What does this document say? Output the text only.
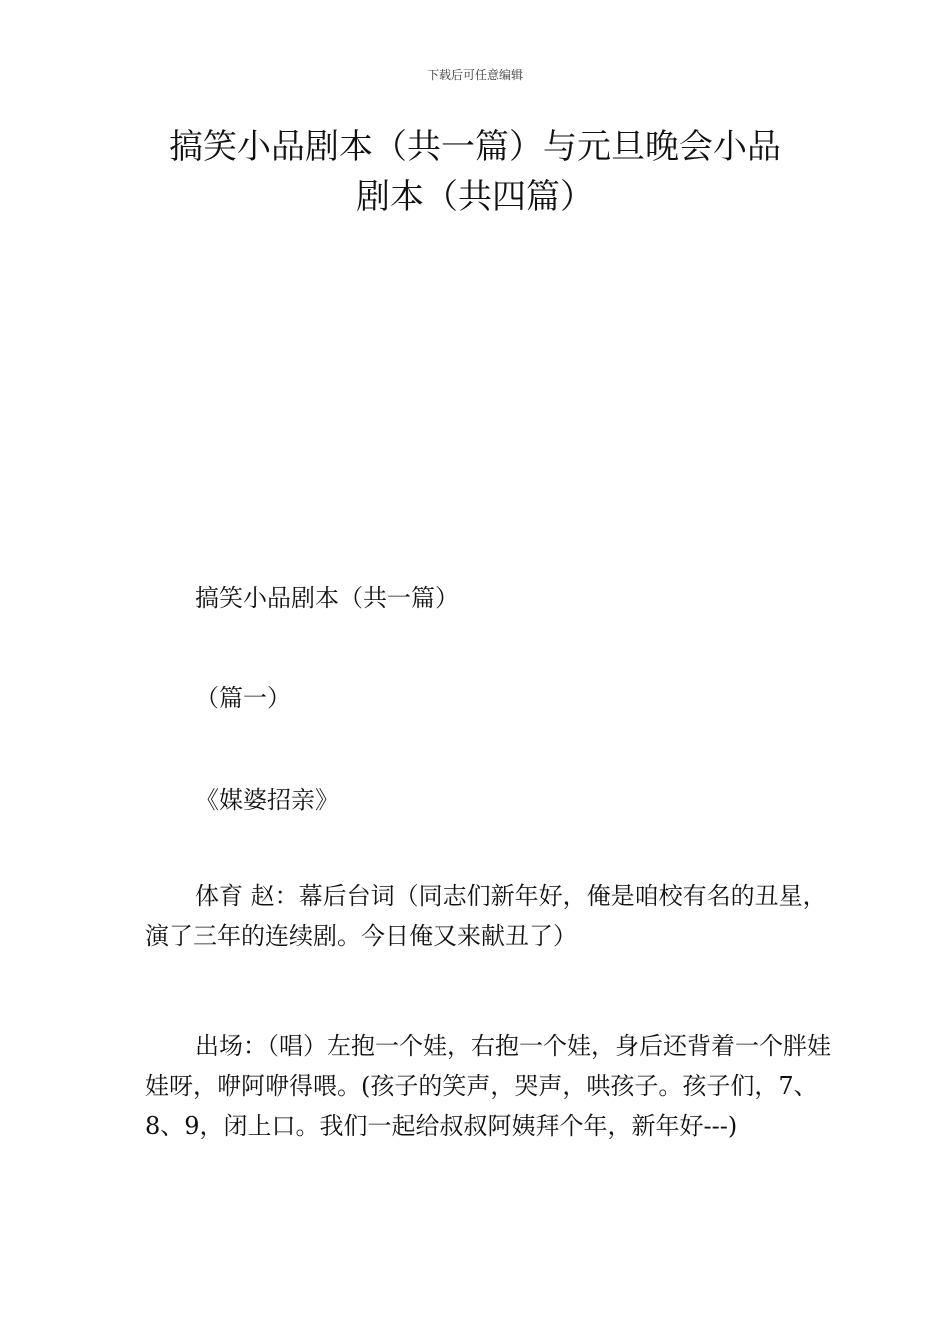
下载后可任意编辑
搞笑小品剧本（共一篇）与元旦晚会小品
剧本（共四篇）

搞笑小品剧本（共一篇）

（篇一）

《媒婆招亲》

体育 赵：幕后台词（同志们新年好，俺是咱校有名的丑星，演了三年的连续剧。今日俺又来献丑了）

出场：（唱）左抱一个娃，右抱一个娃，身后还背着一个胖娃娃呀，咿阿咿得喂。(孩子的笑声，哭声，哄孩子。孩子们，7、8、9，闭上口。我们一起给叔叔阿姨拜个年，新年好---)
